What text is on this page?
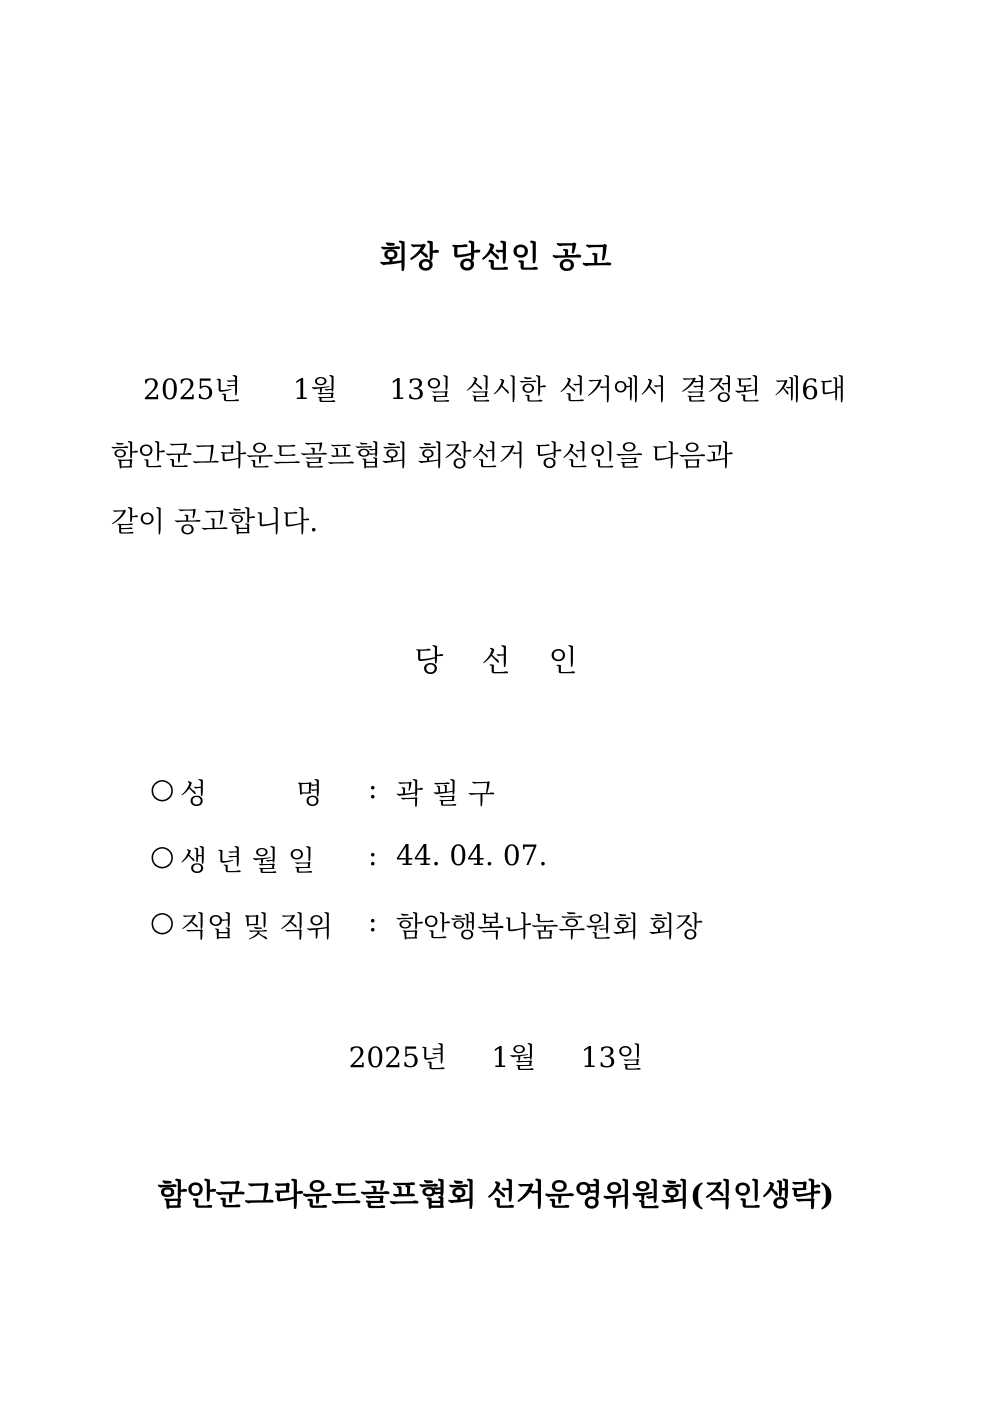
회장 당선인 공고
2025년    1월    13일 실시한 선거에서 결정된 제6대
함안군그라운드골프협회 회장선거 당선인을 다음과
같이 공고합니다.
당    선    인
○ 성          명 : 곽 필 구
○ 생 년 월 일 : 44. 04. 07.
○ 직업 및 직위 : 함안행복나눔후원회 회장
2025년     1월     13일
함안군그라운드골프협회 선거운영위원회(직인생략)
